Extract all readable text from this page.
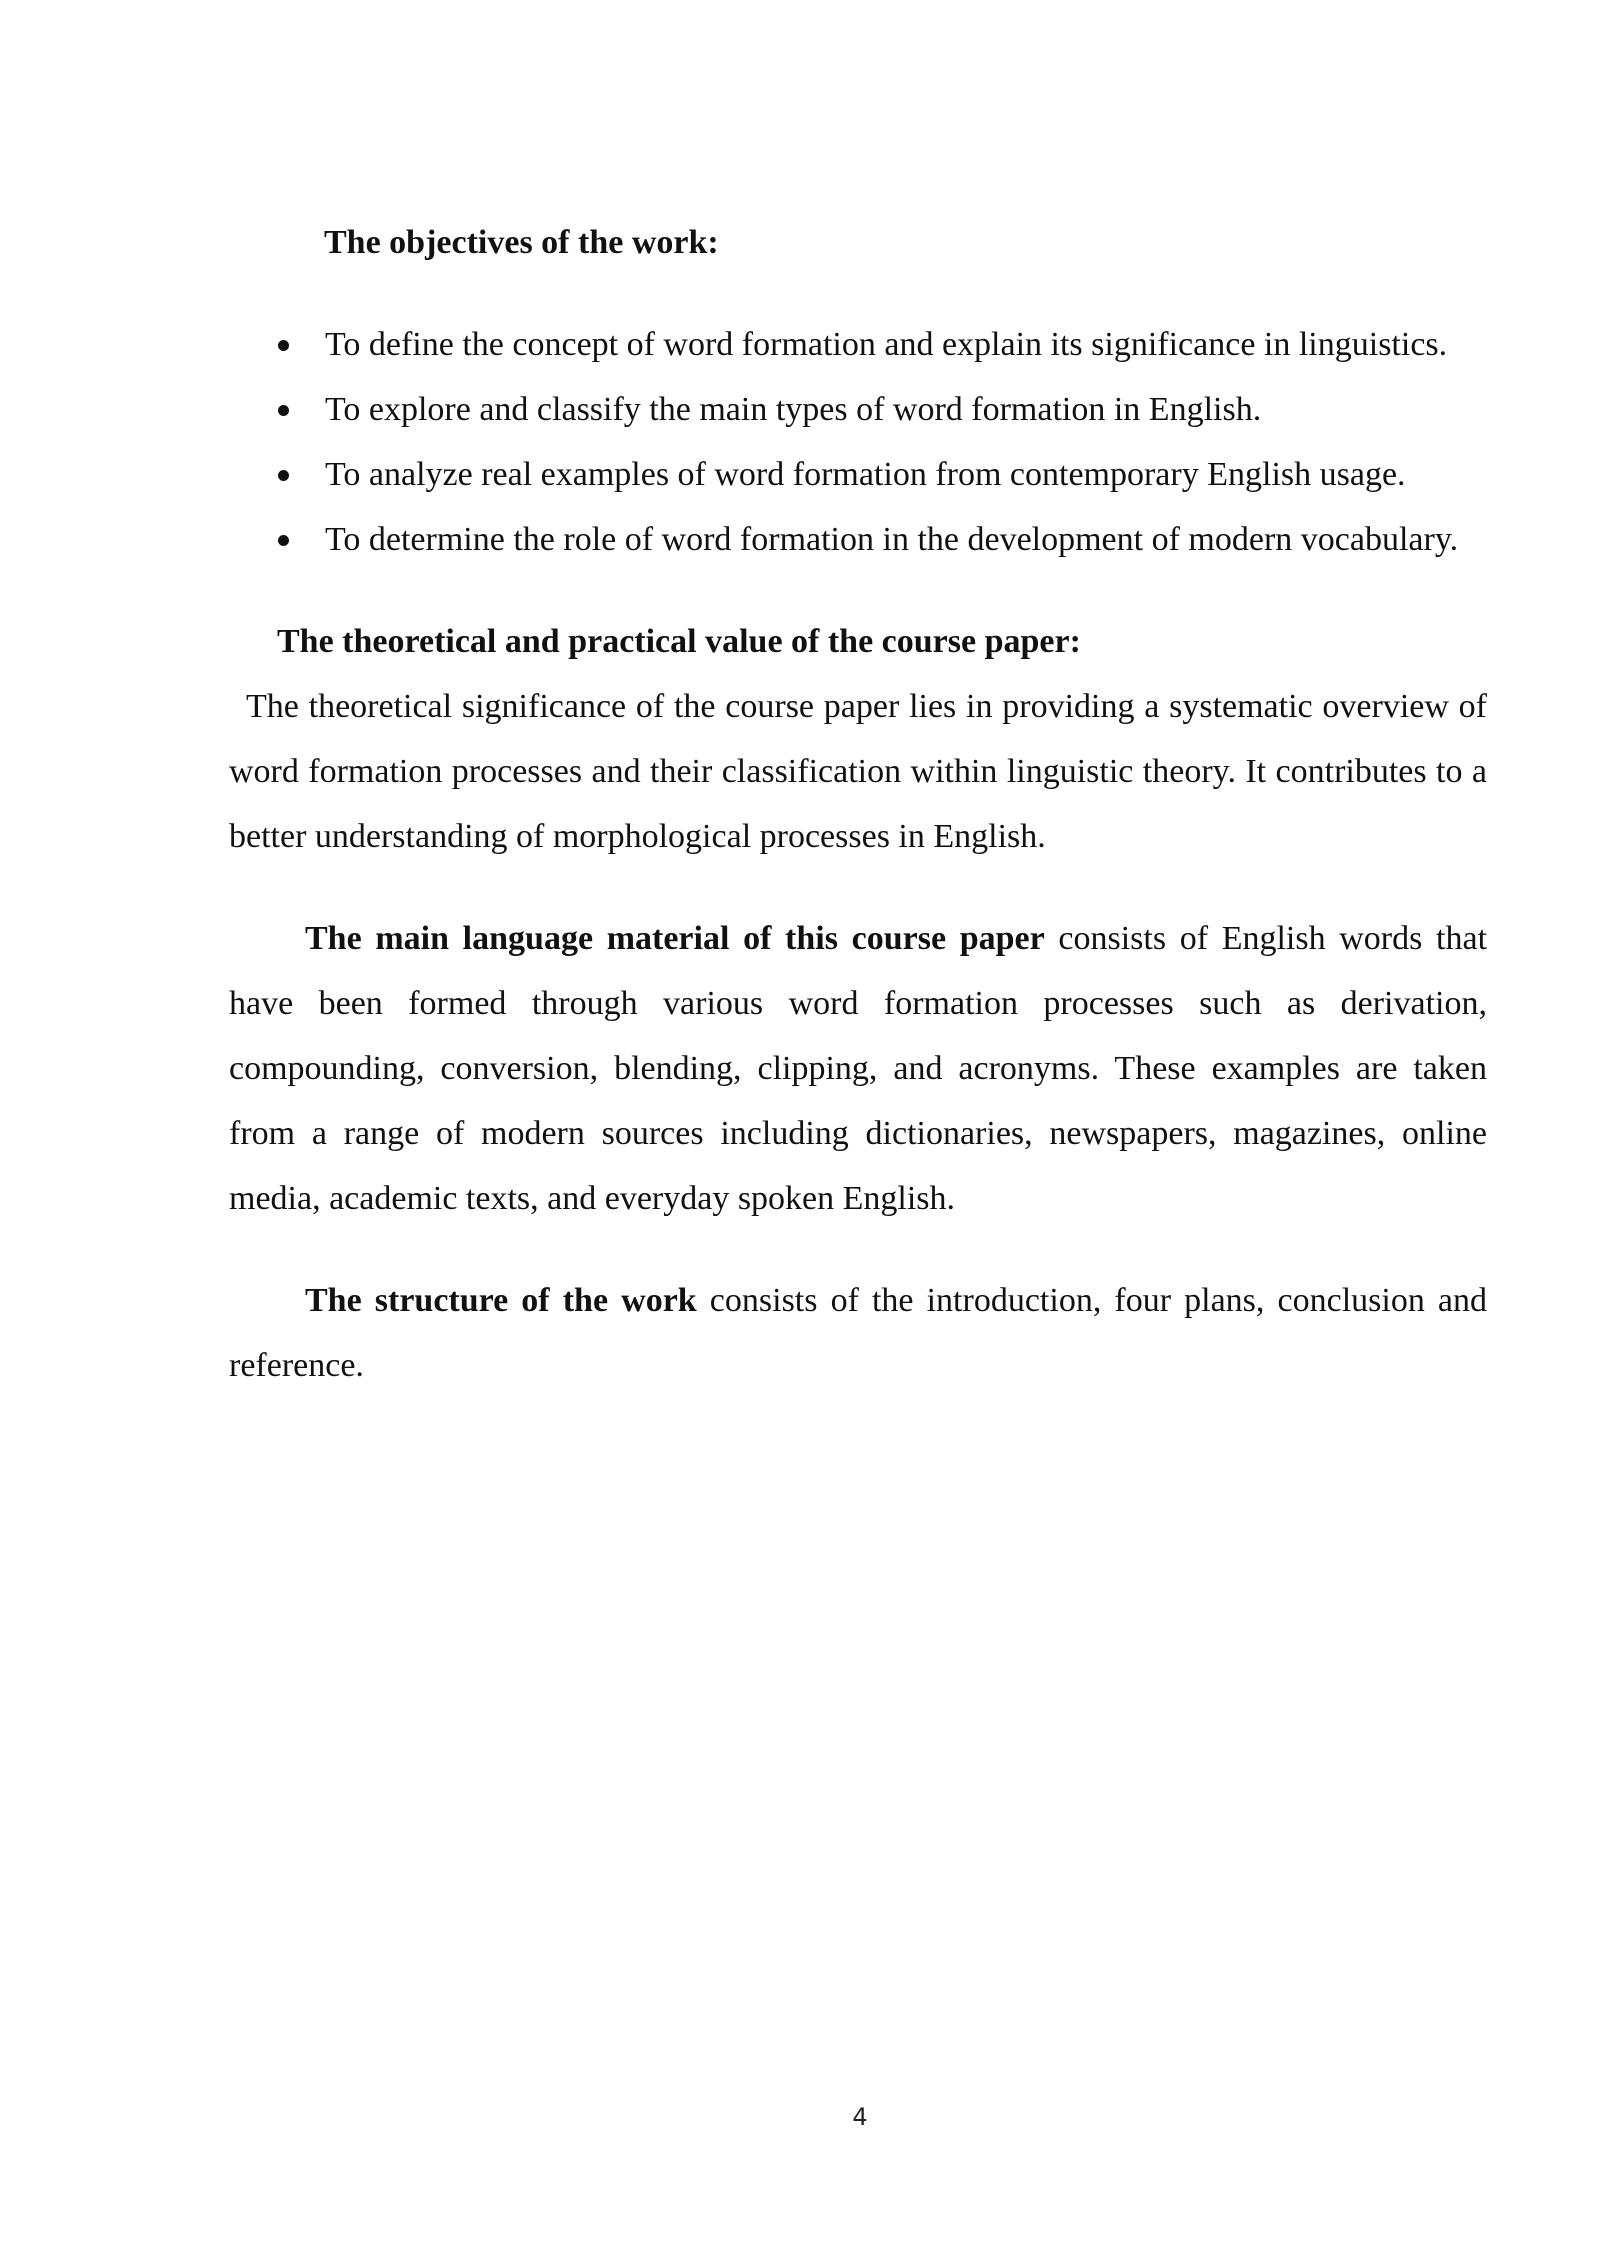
The objectives of the work:

To define the concept of word formation and explain its significance in linguistics.
To explore and classify the main types of word formation in English.
To analyze real examples of word formation from contemporary English usage.
To determine the role of word formation in the development of modern vocabulary.

The theoretical and practical value of the course paper:

The theoretical significance of the course paper lies in providing a systematic overview of word formation processes and their classification within linguistic theory. It contributes to a better understanding of morphological processes in English.

The main language material of this course paper consists of English words that have been formed through various word formation processes such as derivation, compounding, conversion, blending, clipping, and acronyms. These examples are taken from a range of modern sources including dictionaries, newspapers, magazines, online media, academic texts, and everyday spoken English.

The structure of the work consists of the introduction, four plans, conclusion and reference.

4
